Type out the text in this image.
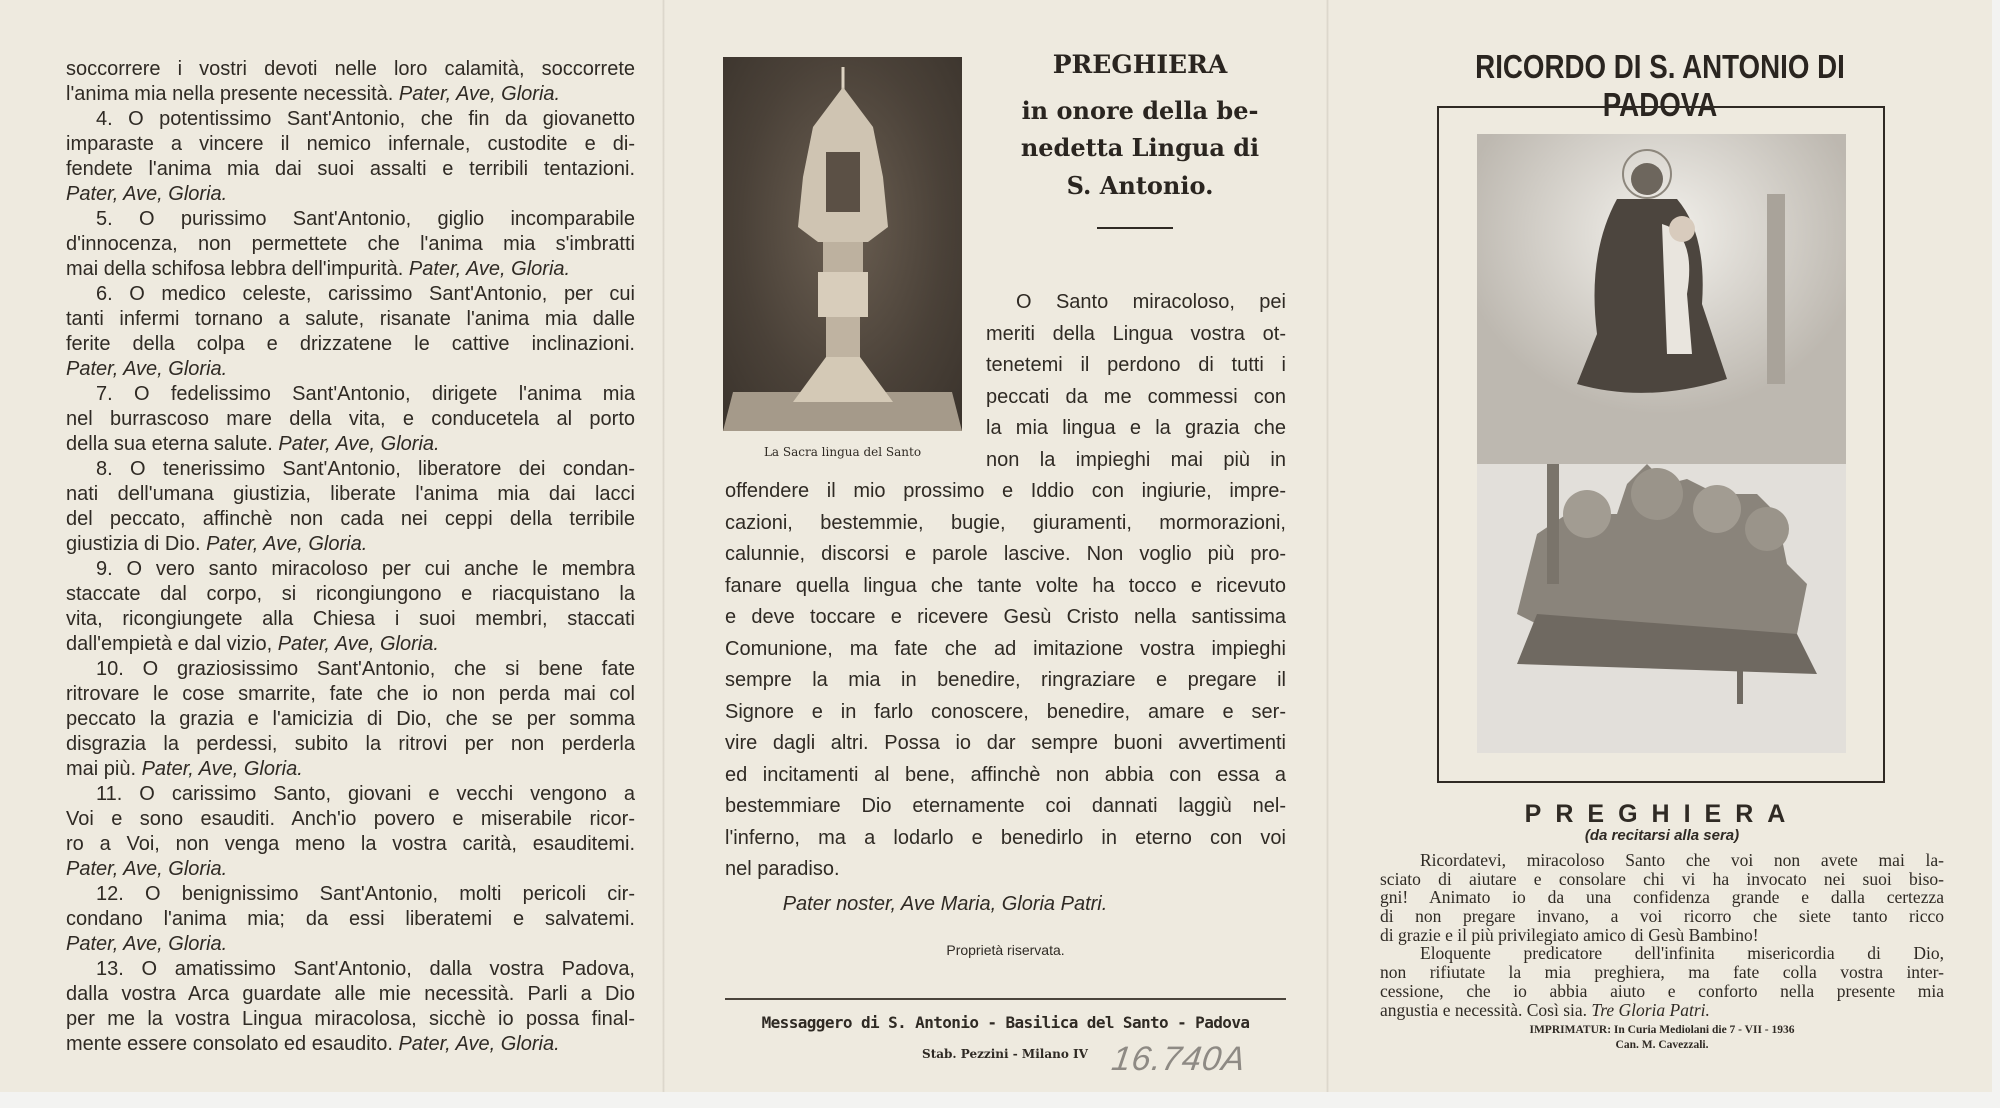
soccorrere i vostri devoti nelle loro calamità, soccorrete
l'anima mia nella presente necessità. Pater, Ave, Gloria.
4. O potentissimo Sant'Antonio, che fin da giovanetto
imparaste a vincere il nemico infernale, custodite e di-
fendete l'anima mia dai suoi assalti e terribili tentazioni.
Pater, Ave, Gloria.
5. O purissimo Sant'Antonio, giglio incomparabile
d'innocenza, non permettete che l'anima mia s'imbratti
mai della schifosa lebbra dell'impurità. Pater, Ave, Gloria.
6. O medico celeste, carissimo Sant'Antonio, per cui
tanti infermi tornano a salute, risanate l'anima mia dalle
ferite della colpa e drizzatene le cattive inclinazioni.
Pater, Ave, Gloria.
7. O fedelissimo Sant'Antonio, dirigete l'anima mia
nel burrascoso mare della vita, e conducetela al porto
della sua eterna salute. Pater, Ave, Gloria.
8. O tenerissimo Sant'Antonio, liberatore dei condan-
nati dell'umana giustizia, liberate l'anima mia dai lacci
del peccato, affinchè non cada nei ceppi della terribile
giustizia di Dio. Pater, Ave, Gloria.
9. O vero santo miracoloso per cui anche le membra
staccate dal corpo, si ricongiungono e riacquistano la
vita, ricongiungete alla Chiesa i suoi membri, staccati
dall'empietà e dal vizio, Pater, Ave, Gloria.
10. O graziosissimo Sant'Antonio, che si bene fate
ritrovare le cose smarrite, fate che io non perda mai col
peccato la grazia e l'amicizia di Dio, che se per somma
disgrazia la perdessi, subito la ritrovi per non perderla
mai più. Pater, Ave, Gloria.
11. O carissimo Santo, giovani e vecchi vengono a
Voi e sono esauditi. Anch'io povero e miserabile ricor-
ro a Voi, non venga meno la vostra carità, esauditemi.
Pater, Ave, Gloria.
12. O benignissimo Sant'Antonio, molti pericoli cir-
condano l'anima mia; da essi liberatemi e salvatemi.
Pater, Ave, Gloria.
13. O amatissimo Sant'Antonio, dalla vostra Padova,
dalla vostra Arca guardate alle mie necessità. Parli a Dio
per me la vostra Lingua miracolosa, sicchè io possa final-
mente essere consolato ed esaudito. Pater, Ave, Gloria.
La Sacra lingua del Santo
PREGHIERA
in onore della be-
nedetta Lingua di
S. Antonio.
O Santo miracoloso, pei
meriti della Lingua vostra ot-
tenetemi il perdono di tutti i
peccati da me commessi con
la mia lingua e la grazia che
non la impieghi mai più in
offendere il mio prossimo e Iddio con ingiurie, impre-
cazioni, bestemmie, bugie, giuramenti, mormorazioni,
calunnie, discorsi e parole lascive. Non voglio più pro-
fanare quella lingua che tante volte ha tocco e ricevuto
e deve toccare e ricevere Gesù Cristo nella santissima
Comunione, ma fate che ad imitazione vostra impieghi
sempre la mia in benedire, ringraziare e pregare il
Signore e in farlo conoscere, benedire, amare e ser-
vire dagli altri. Possa io dar sempre buoni avvertimenti
ed incitamenti al bene, affinchè non abbia con essa a
bestemmiare Dio eternamente coi dannati laggiù nel-
l'inferno, ma a lodarlo e benedirlo in eterno con voi
nel paradiso.
Pater noster, Ave Maria, Gloria Patri.
Proprietà riservata.
Messaggero di S. Antonio - Basilica del Santo - Padova
Stab. Pezzini - Milano IV 16.740A
RICORDO DI S. ANTONIO DI PADOVA
PREGHIERA
(da recitarsi alla sera)
Ricordatevi, miracoloso Santo che voi non avete mai la-
sciato di aiutare e consolare chi vi ha invocato nei suoi biso-
gni! Animato io da una confidenza grande e dalla certezza
di non pregare invano, a voi ricorro che siete tanto ricco
di grazie e il più privilegiato amico di Gesù Bambino!
Eloquente predicatore dell'infinita misericordia di Dio,
non rifiutate la mia preghiera, ma fate colla vostra inter-
cessione, che io abbia aiuto e conforto nella presente mia
angustia e necessità. Così sia. Tre Gloria Patri.
IMPRIMATUR: In Curia Mediolani die 7 - VII - 1936
Can. M. Cavezzali.
